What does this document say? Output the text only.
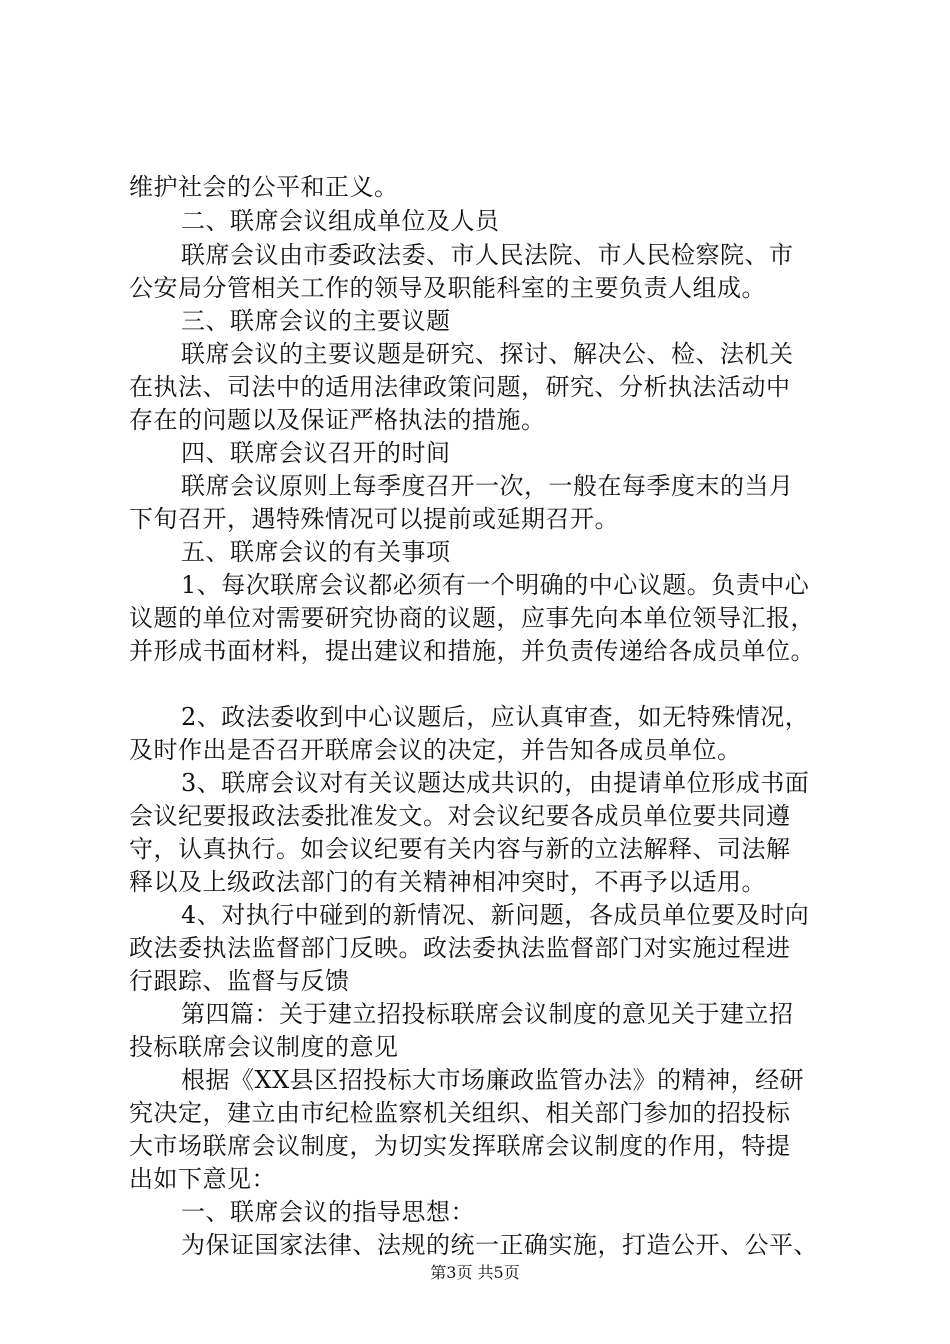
维护社会的公平和正义。
二、联席会议组成单位及人员
联席会议由市委政法委、市人民法院、市人民检察院、市
公安局分管相关工作的领导及职能科室的主要负责人组成。
三、联席会议的主要议题
联席会议的主要议题是研究、探讨、解决公、检、法机关
在执法、司法中的适用法律政策问题，研究、分析执法活动中
存在的问题以及保证严格执法的措施。
四、联席会议召开的时间
联席会议原则上每季度召开一次，一般在每季度末的当月
下旬召开，遇特殊情况可以提前或延期召开。
五、联席会议的有关事项
1、每次联席会议都必须有一个明确的中心议题。负责中心
议题的单位对需要研究协商的议题，应事先向本单位领导汇报，
并形成书面材料，提出建议和措施，并负责传递给各成员单位。
2、政法委收到中心议题后，应认真审查，如无特殊情况，
及时作出是否召开联席会议的决定，并告知各成员单位。
3、联席会议对有关议题达成共识的，由提请单位形成书面
会议纪要报政法委批准发文。对会议纪要各成员单位要共同遵
守，认真执行。如会议纪要有关内容与新的立法解释、司法解
释以及上级政法部门的有关精神相冲突时，不再予以适用。
4、对执行中碰到的新情况、新问题，各成员单位要及时向
政法委执法监督部门反映。政法委执法监督部门对实施过程进
行跟踪、监督与反馈
第四篇：关于建立招投标联席会议制度的意见关于建立招
投标联席会议制度的意见
根据《XX县区招投标大市场廉政监管办法》的精神，经研
究决定，建立由市纪检监察机关组织、相关部门参加的招投标
大市场联席会议制度，为切实发挥联席会议制度的作用，特提
出如下意见：
一、联席会议的指导思想：
为保证国家法律、法规的统一正确实施，打造公开、公平、
第3页 共5页
